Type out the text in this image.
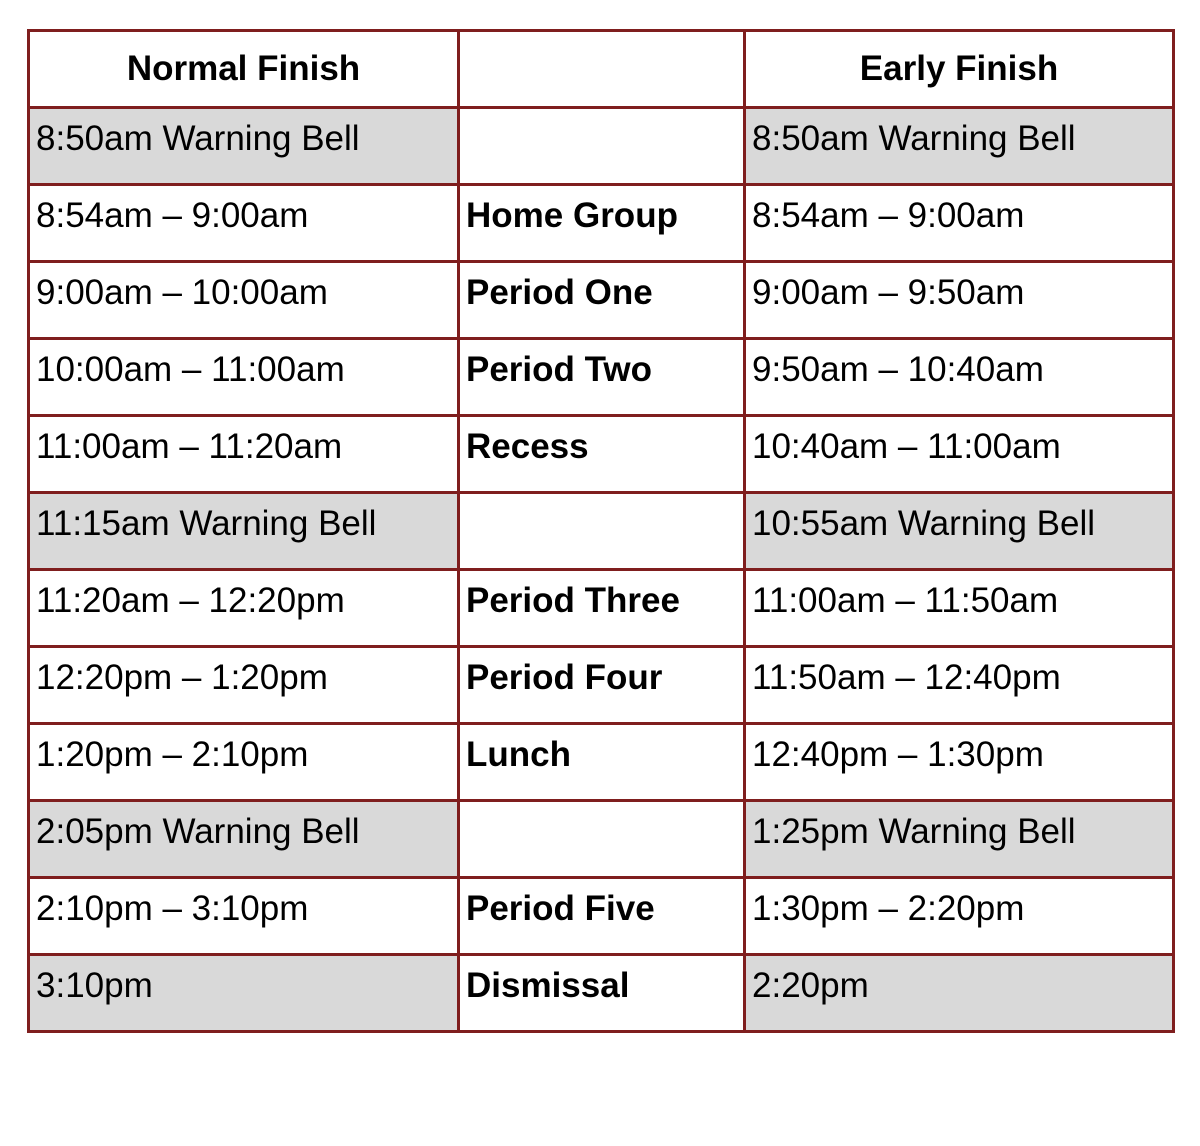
Normal Finish		Early Finish
8:50am Warning Bell		8:50am Warning Bell
8:54am – 9:00am	Home Group	8:54am – 9:00am
9:00am – 10:00am	Period One	9:00am – 9:50am
10:00am – 11:00am	Period Two	9:50am – 10:40am
11:00am – 11:20am	Recess	10:40am – 11:00am
11:15am Warning Bell		10:55am Warning Bell
11:20am – 12:20pm	Period Three	11:00am – 11:50am
12:20pm – 1:20pm	Period Four	11:50am – 12:40pm
1:20pm – 2:10pm	Lunch	12:40pm – 1:30pm
2:05pm Warning Bell		1:25pm Warning Bell
2:10pm – 3:10pm	Period Five	1:30pm – 2:20pm
3:10pm	Dismissal	2:20pm
